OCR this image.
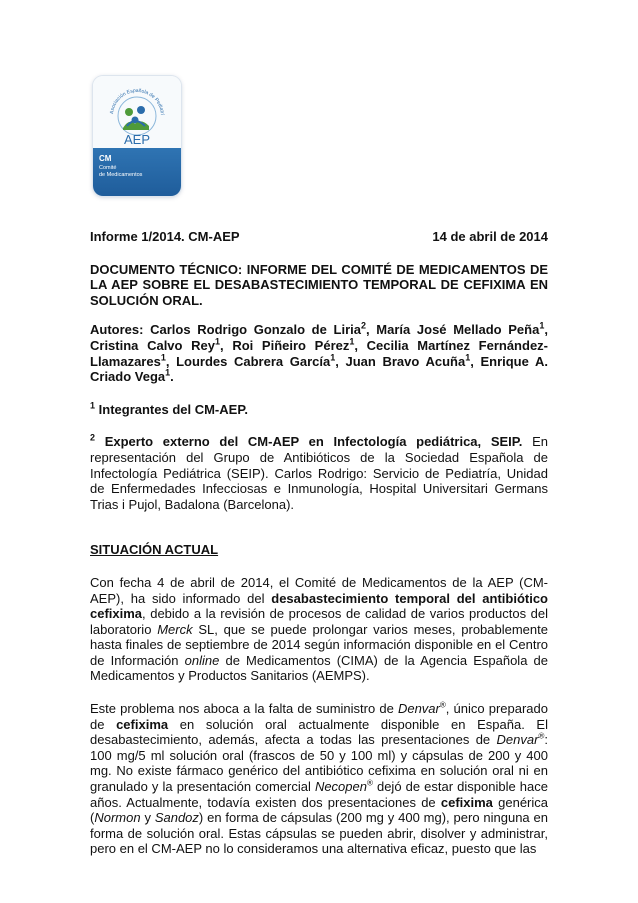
Asociación Española de Pediatrí
AEP
CM
Comité
de Medicamentos
Informe 1/2014. CM-AEP	14 de abril de 2014

DOCUMENTO TÉCNICO: INFORME DEL COMITÉ DE MEDICAMENTOS DE LA AEP SOBRE EL DESABASTECIMIENTO TEMPORAL DE CEFIXIMA EN SOLUCIÓN ORAL.

Autores: Carlos Rodrigo Gonzalo de Liria$^2$, María José Mellado Peña$^1$, Cristina Calvo Rey$^1$, Roi Piñeiro Pérez$^1$, Cecilia Martínez Fernández-Llamazares$^1$, Lourdes Cabrera García$^1$, Juan Bravo Acuña$^1$, Enrique A. Criado Vega$^1$.

$^1$ Integrantes del CM-AEP.

$^2$ Experto externo del CM-AEP en Infectología pediátrica, SEIP. En representación del Grupo de Antibióticos de la Sociedad Española de Infectología Pediátrica (SEIP). Carlos Rodrigo: Servicio de Pediatría, Unidad de Enfermedades Infecciosas e Inmunología, Hospital Universitari Germans Trias i Pujol, Badalona (Barcelona).

SITUACIÓN ACTUAL

Con fecha 4 de abril de 2014, el Comité de Medicamentos de la AEP (CM-AEP), ha sido informado del desabastecimiento temporal del antibiótico cefixima, debido a la revisión de procesos de calidad de varios productos del laboratorio Merck SL, que se puede prolongar varios meses, probablemente hasta finales de septiembre de 2014 según información disponible en el Centro de Información online de Medicamentos (CIMA) de la Agencia Española de Medicamentos y Productos Sanitarios (AEMPS).

Este problema nos aboca a la falta de suministro de Denvar®, único preparado de cefixima en solución oral actualmente disponible en España. El desabastecimiento, además, afecta a todas las presentaciones de Denvar®: 100 mg/5 ml solución oral (frascos de 50 y 100 ml) y cápsulas de 200 y 400 mg. No existe fármaco genérico del antibiótico cefixima en solución oral ni en granulado y la presentación comercial Necopen® dejó de estar disponible hace años. Actualmente, todavía existen dos presentaciones de cefixima genérica (Normon y Sandoz) en forma de cápsulas (200 mg y 400 mg), pero ninguna en forma de solución oral. Estas cápsulas se pueden abrir, disolver y administrar, pero en el CM-AEP no lo consideramos una alternativa eficaz, puesto que las
